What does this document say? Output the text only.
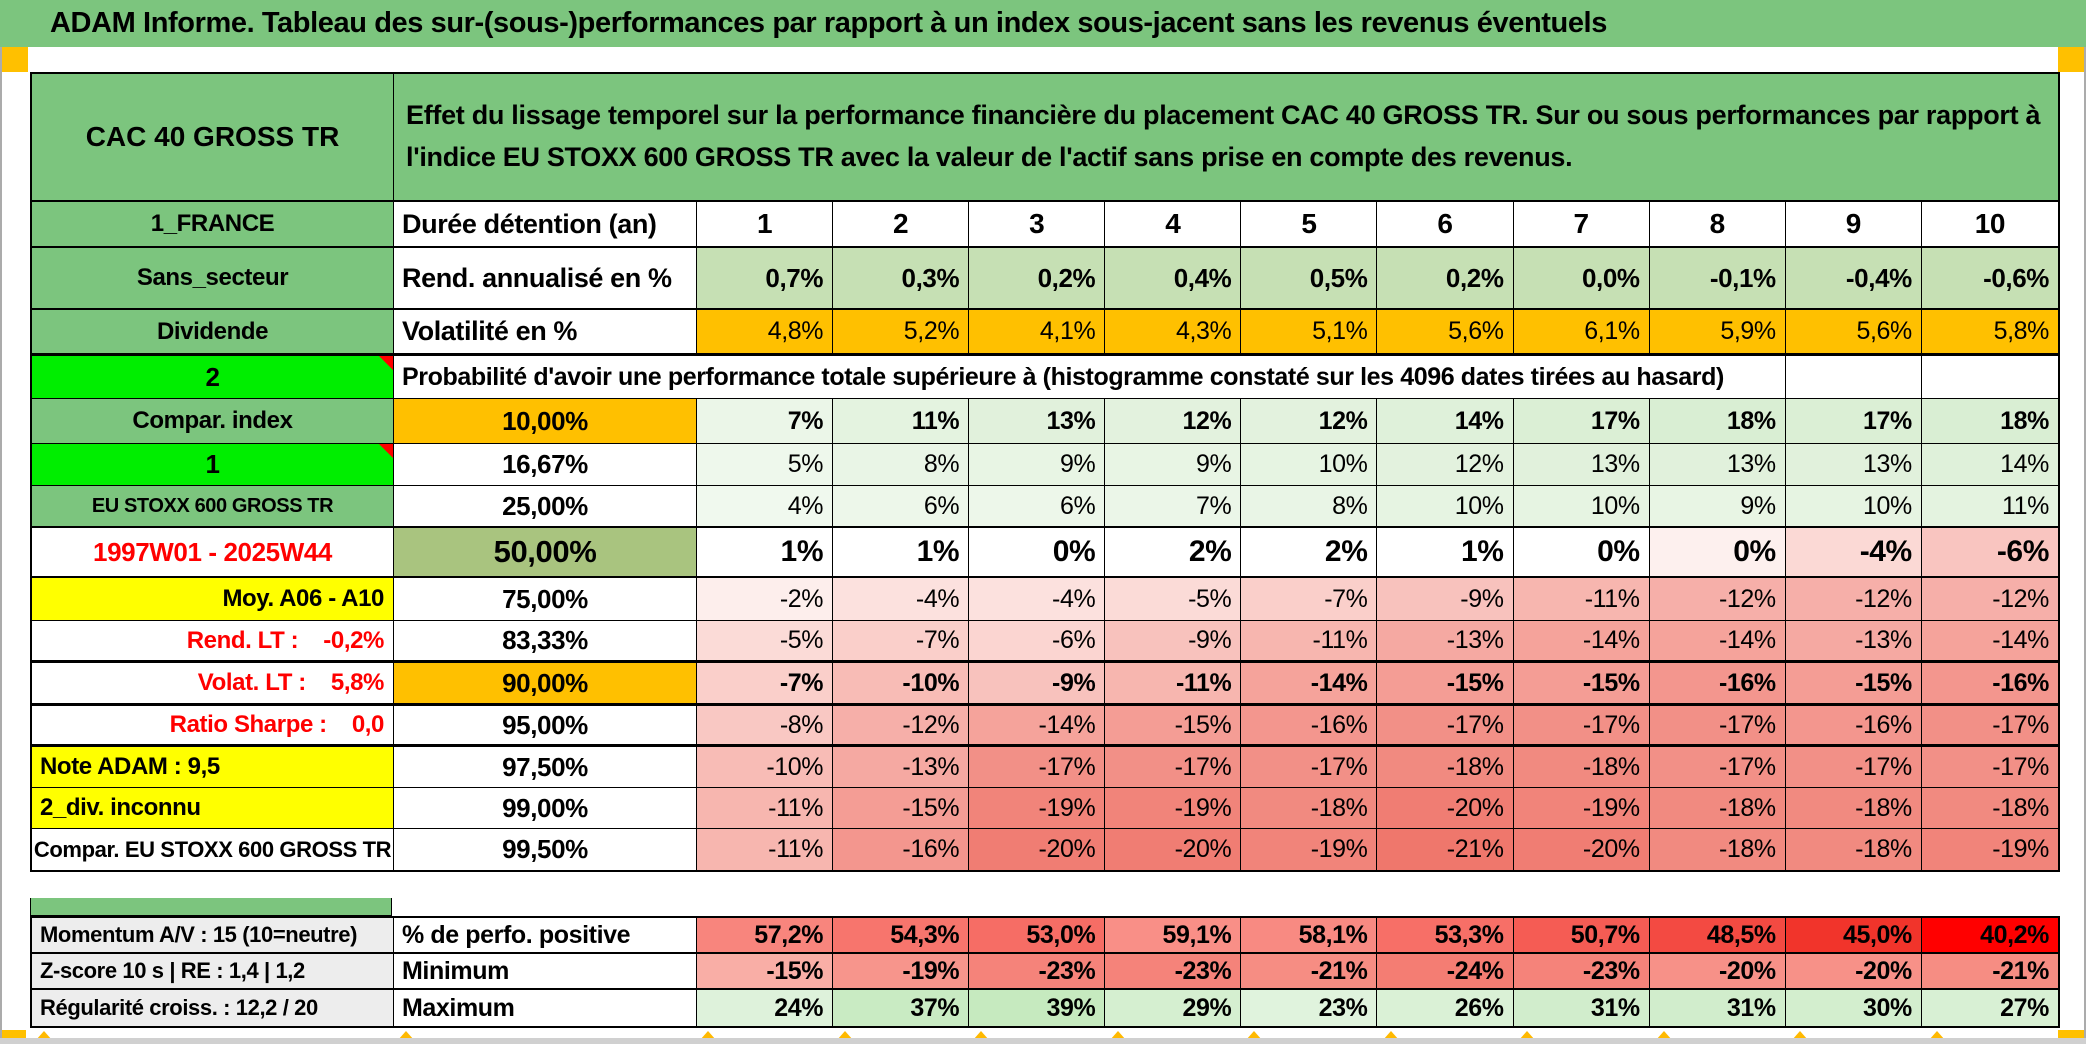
ADAM Informe. Tableau des sur-(sous-)performances par rapport à un index sous-jacent sans les revenus éventuels
CAC 40 GROSS TR
Effet du lissage temporel sur la performance financière du placement CAC 40 GROSS TR. Sur ou sous performances par rapport à l'indice EU STOXX 600 GROSS TR avec la valeur de l'actif sans prise en compte des revenus.
1_FRANCE	Durée détention (an)	1	2	3	4	5	6	7	8	9	10
Sans_secteur	Rend. annualisé en %	0,7%	0,3%	0,2%	0,4%	0,5%	0,2%	0,0%	-0,1%	-0,4%	-0,6%
Dividende	Volatilité en %	4,8%	5,2%	4,1%	4,3%	5,1%	5,6%	6,1%	5,9%	5,6%	5,8%
2	Probabilité d'avoir une performance totale supérieure à (histogramme constaté sur les 4096 dates tirées au hasard)
Compar. index	10,00%	7%	11%	13%	12%	12%	14%	17%	18%	17%	18%
1	16,67%	5%	8%	9%	9%	10%	12%	13%	13%	13%	14%
EU STOXX 600 GROSS TR	25,00%	4%	6%	6%	7%	8%	10%	10%	9%	10%	11%
1997W01 - 2025W44	50,00%	1%	1%	0%	2%	2%	1%	0%	0%	-4%	-6%
Moy. A06 - A10	75,00%	-2%	-4%	-4%	-5%	-7%	-9%	-11%	-12%	-12%	-12%
Rend. LT :    -0,2%	83,33%	-5%	-7%	-6%	-9%	-11%	-13%	-14%	-14%	-13%	-14%
Volat. LT :    5,8%	90,00%	-7%	-10%	-9%	-11%	-14%	-15%	-15%	-16%	-15%	-16%
Ratio Sharpe :    0,0	95,00%	-8%	-12%	-14%	-15%	-16%	-17%	-17%	-17%	-16%	-17%
Note ADAM : 9,5	97,50%	-10%	-13%	-17%	-17%	-17%	-18%	-18%	-17%	-17%	-17%
2_div. inconnu	99,00%	-11%	-15%	-19%	-19%	-18%	-20%	-19%	-18%	-18%	-18%
Compar. EU STOXX 600 GROSS TR	99,50%	-11%	-16%	-20%	-20%	-19%	-21%	-20%	-18%	-18%	-19%
Momentum A/V : 15 (10=neutre)	% de perfo. positive	57,2%	54,3%	53,0%	59,1%	58,1%	53,3%	50,7%	48,5%	45,0%	40,2%
Z-score 10 s | RE : 1,4 | 1,2	Minimum	-15%	-19%	-23%	-23%	-21%	-24%	-23%	-20%	-20%	-21%
Régularité croiss. : 12,2 / 20	Maximum	24%	37%	39%	29%	23%	26%	31%	31%	30%	27%
